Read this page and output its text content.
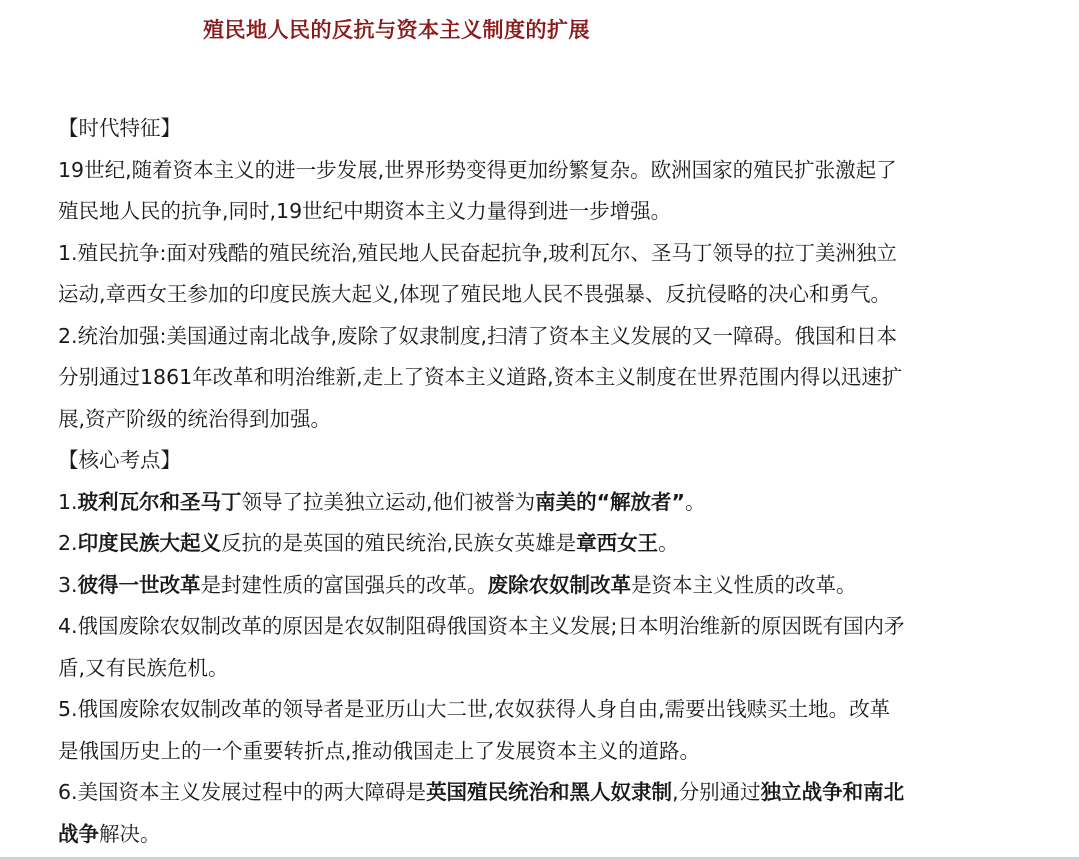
殖民地人民的反抗与资本主义制度的扩展
【时代特征】
19世纪,随着资本主义的进一步发展,世界形势变得更加纷繁复杂。欧洲国家的殖民扩张激起了
殖民地人民的抗争,同时,19世纪中期资本主义力量得到进一步增强。
1.殖民抗争:面对残酷的殖民统治,殖民地人民奋起抗争,玻利瓦尔、圣马丁领导的拉丁美洲独立
运动,章西女王参加的印度民族大起义,体现了殖民地人民不畏强暴、反抗侵略的决心和勇气。
2.统治加强:美国通过南北战争,废除了奴隶制度,扫清了资本主义发展的又一障碍。俄国和日本
分别通过1861年改革和明治维新,走上了资本主义道路,资本主义制度在世界范围内得以迅速扩
展,资产阶级的统治得到加强。
【核心考点】
1.玻利瓦尔和圣马丁领导了拉美独立运动,他们被誉为南美的“解放者”。
2.印度民族大起义反抗的是英国的殖民统治,民族女英雄是章西女王。
3.彼得一世改革是封建性质的富国强兵的改革。废除农奴制改革是资本主义性质的改革。
4.俄国废除农奴制改革的原因是农奴制阻碍俄国资本主义发展;日本明治维新的原因既有国内矛
盾,又有民族危机。
5.俄国废除农奴制改革的领导者是亚历山大二世,农奴获得人身自由,需要出钱赎买土地。改革
是俄国历史上的一个重要转折点,推动俄国走上了发展资本主义的道路。
6.美国资本主义发展过程中的两大障碍是英国殖民统治和黑人奴隶制,分别通过独立战争和南北
战争解决。
